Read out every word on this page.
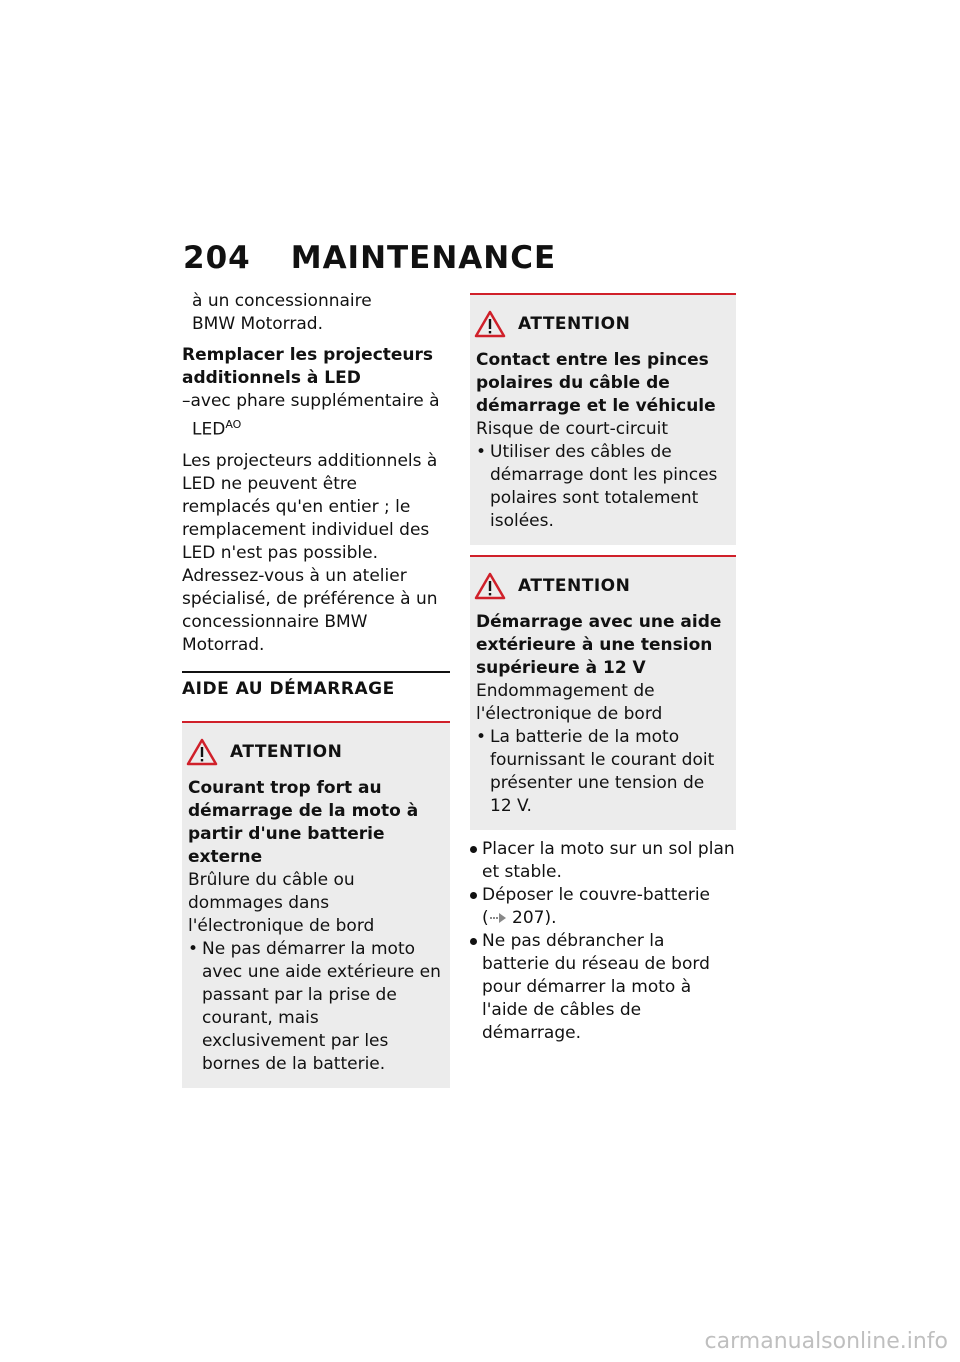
204 MAINTENANCE

à un concessionnaire

BMW Motorrad.

Remplacer les projecteurs additionnels à LED

–avec phare supplémentaire à $LED^{AO}$

Les projecteurs additionnels à LED ne peuvent être remplacés qu'en entier ; le remplacement individuel des LED n'est pas possible.

Adressez-vous à un atelier spécialisé, de préférence à un concessionnaire BMW Motorrad.

AIDE AU DÉMARRAGE
ATTENTION

Courant trop fort au démarrage de la moto à partir d'une batterie externe

Brûlure du câble ou dommages dans l'électronique de bord

• Ne pas démarrer la moto avec une aide extérieure en passant par la prise de courant, mais exclusivement par les bornes de la batterie.
ATTENTION

Contact entre les pinces polaires du câble de démarrage et le véhicule

Risque de court-circuit

• Utiliser des câbles de démarrage dont les pinces polaires sont totalement isolées.
ATTENTION

Démarrage avec une aide extérieure à une tension supérieure à 12 V

Endommagement de l'électronique de bord

• La batterie de la moto fournissant le courant doit présenter une tension de 12 V.
Placer la moto sur un sol plan et stable.
Déposer le couvre-batterie
( 207).
Ne pas débrancher la batterie du réseau de bord pour démarrer la moto à l'aide de câbles de démarrage.
carmanualsonline.info
